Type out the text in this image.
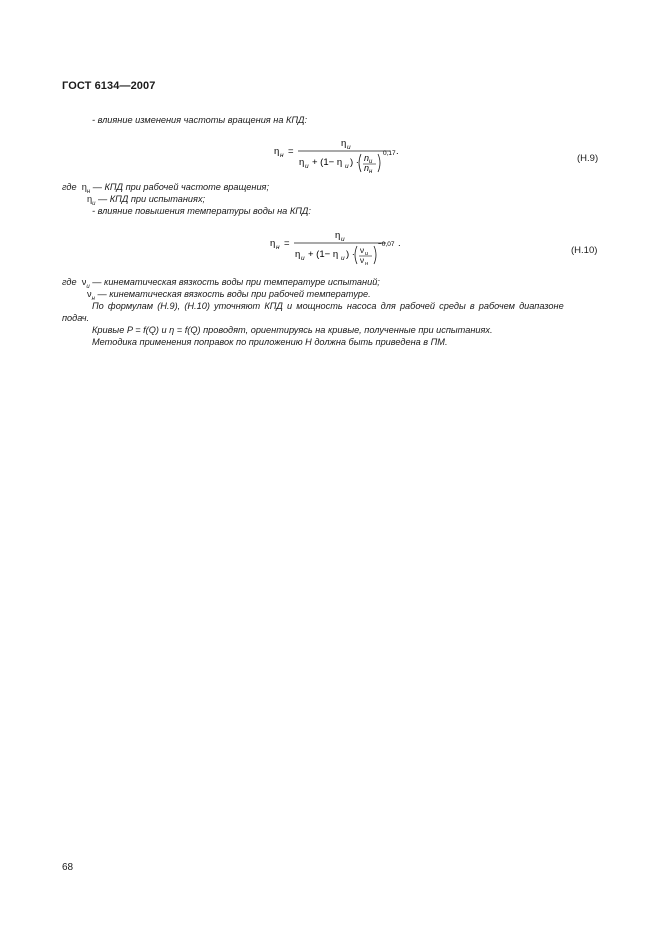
ГОСТ 6134—2007
- влияние изменения частоты вращения на КПД:
η н =
η и
η и + (1− η и ) · n и
n н
0,17 .
(Н.9)
где $\eta_н$ — КПД при рабочей частоте вращения;
$\eta_и$ — КПД при испытаниях;
- влияние повышения температуры воды на КПД:
η н =
η и
η и + (1− η и ) · ν и
ν н
−0,07 .
(Н.10)
где $\nu_и$ — кинематическая вязкость воды при температуре испытаний;
$\nu_н$ — кинематическая вязкость воды при рабочей температуре.
По формулам (Н.9), (Н.10) уточняют КПД и мощность насоса для рабочей среды в рабочем диапазоне
подач.
Кривые P = f(Q) и η = f(Q) проводят, ориентируясь на кривые, полученные при испытаниях.
Методика применения поправок по приложению Н должна быть приведена в ПМ.
68
